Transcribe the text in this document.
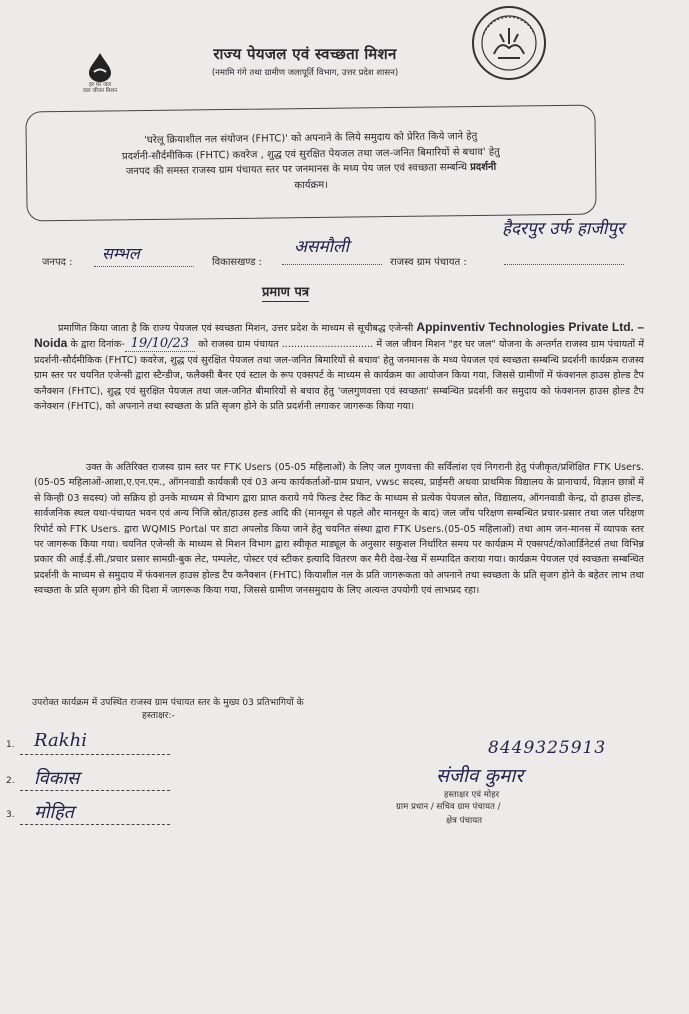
हर घर जल
जल जीवन मिशन
राज्य पेयजल एवं स्वच्छता मिशन
(नमामि गंगे तथा ग्रामीण जलापूर्ति विभाग, उत्तर प्रदेश शासन)
'घरेलू क्रियाशील नल संयोजन (FHTC)' को अपनाने के लिये समुदाय को प्रेरित किये जाने हेतु
प्रदर्शनी-सौर्दमीकिक (FHTC) कवरेज , शुद्ध एवं सुरक्षित पेयजल तथा जल-जनित बिमारियों से बचाव' हेतु
जनपद की समस्त राजस्व ग्राम पंचायत स्तर पर जनमानस के मध्य पेय जल एवं स्वच्छता सम्बन्धि प्रदर्शनी
कार्यक्रम।
जनपद : सम्भल	विकासखण्ड :
असमौली
राजस्व ग्राम पंचायत :
हैदरपुर उर्फ हाजीपुर
प्रमाण पत्र
प्रमाणित किया जाता है कि राज्य पेयजल एवं स्वच्छता मिशन, उत्तर प्रदेश के माध्यम से सूचीबद्ध एजेन्सी Appinventiv Technologies Private Ltd. – Noida के द्वारा दिनांक- 19/10/23 को राजस्व ग्राम पंचायत .............................. में जल जीवन मिशन "हर घर जल" योजना के अन्तर्गत राजस्व ग्राम पंचायतों में प्रदर्शनी-सौर्दमीकिक (FHTC) कवरेज, शुद्ध एवं सुरक्षित पेयजल तथा जल-जनित बिमारियों से बचाव' हेतु जनमानस के मध्य पेयजल एवं स्वच्छता सम्बन्धि प्रदर्शनी कार्यक्रम राजस्व ग्राम स्तर पर चयनित एजेन्सी द्वारा स्टैन्डीज, फलैक्सी बैनर एवं स्टाल के रूप एक्सपर्ट के माध्यम से कार्यक्रम का आयोजन किया गया, जिससे ग्रामीणों में फंक्शनल हाउस होल्ड टैप कनैक्शन (FHTC), शुद्ध एवं सुरक्षित पेयजल तथा जल-जनित बीमारियों से बचाव हेतु 'जलगुणवत्ता एवं स्वच्छता' सम्बन्धित प्रदर्शनी कर समुदाय को फंक्शनल हाउस होल्ड टैप कनेक्शन (FHTC), को अपनाने तथा स्वच्छता के प्रति सृजग होने के प्रति प्रदर्शनी लगाकर जागरूक किया गया।
उक्त के अतिरिक्त राजस्व ग्राम स्तर पर FTK Users (05-05 महिलाओं) के लिए जल गुणवत्ता की सर्विलांश एवं निगरानी हेतु पंजीकृत/प्रशिक्षित FTK Users.(05-05 महिलाओं-आशा,ए.एन.एम., ऑगनवाडी कार्यकत्री एवं 03 अन्य कार्यकर्ताओं-ग्राम प्रधान, vwsc सदस्य, प्राईमरी अथवा प्राथमिक विद्यालय के प्रानाचार्य, विज्ञान छात्रों में से किन्ही 03 सदस्य) जो सक्रिय हो उनके माध्यम से विभाग द्वारा प्राप्त कराये गये फिल्ड टेस्ट किट के माध्यम से प्रत्येक पेयजल स्रोत, विद्यालय, ऑगनवाडी केन्द्र, दो हाउस होल्ड, सार्वजनिक स्थल यथा-पंचायत भवन एवं अन्य निजि स्रोत/हाउस हल्ड आदि की (मानसून से पहले और मानसून के बाद) जल जाँच परिक्षण सम्बन्धित प्रचार-प्रसार तथा जल परिक्षण रिपोर्ट को FTK Users. द्वारा WQMIS Portal पर डाटा अपलोड किया जाने हेतु चयनित संस्था द्वारा FTK Users.(05-05 महिलाओं) तथा आम जन-मानस में व्यापक स्तर पर जागरूक किया गया। चयनित एजेन्सी के माध्यम से मिशन विभाग द्वारा स्वीकृत माड्यूल के अनुसार सकुशल निर्धारित समय पर कार्यक्रम में एक्सपर्ट/कोआर्डिनेटर्स तथा विभिन्न प्रकार की आई.ई.सी./प्रचार प्रसार सामग्री-बुक लेट, पम्पलेट, पोस्टर एवं स्टीकर इत्यादि वितरण कर मैरी देख-रेख में सम्पादित कराया गया। कार्यक्रम पेयजल एवं स्वच्छता सम्बन्धित प्रदर्शनी के माध्यम से समुदाय में फंक्शनल हाउस होल्ड टैप कनैक्शन (FHTC) कियाशील नल के प्रति जागरूकता को अपनाने तथा स्वच्छता के प्रति सृजग होने के बहेतर लाभ तथा स्वच्छता के प्रति सृजग होने की दिशा में जागरूक किया गया, जिससे ग्रामीण जनसमुदाय के लिए अत्यन्त उपयोगी एवं लाभप्रद रहा।
उपरोक्त कार्यक्रम में उपस्थित राजस्व ग्राम पंचायत स्तर के मुख्य 03 प्रतिभागियों के
हस्ताक्षर:-
1. Rakhi
2. विकास
3. मोहित
8449325913
संजीव कुमार
हस्ताक्षर एवं मोहर
ग्राम प्रधान / सचिव ग्राम पंचायत /
क्षेत्र पंचायत
